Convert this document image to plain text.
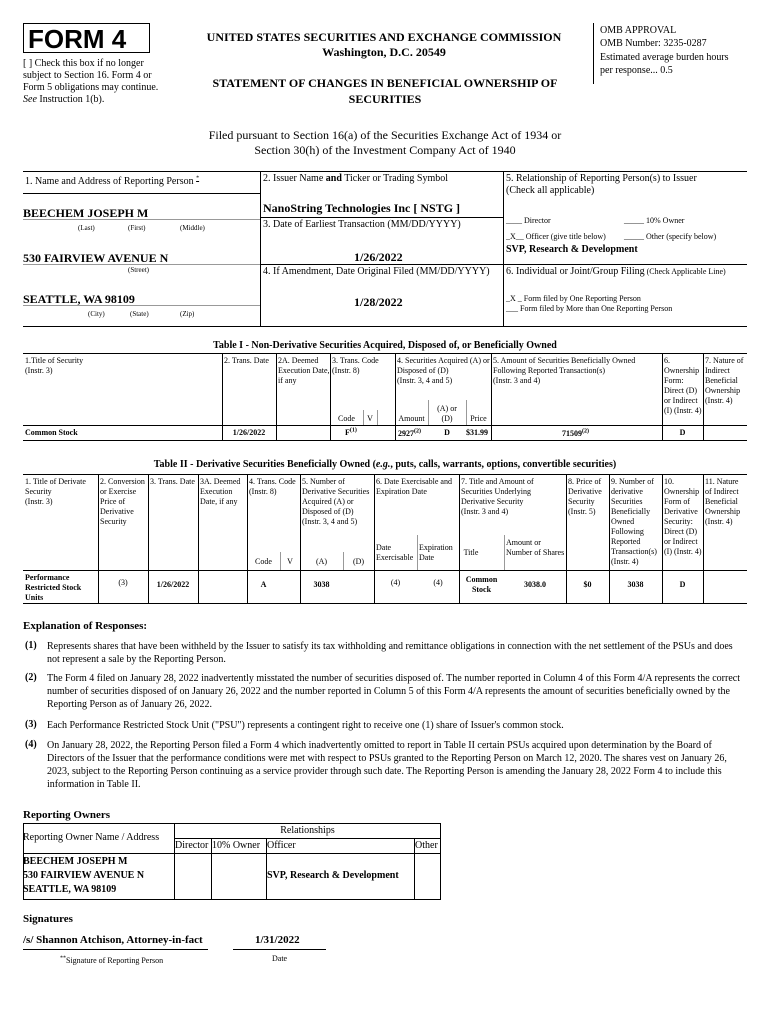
FORM 4
[ ] Check this box if no longer subject to Section 16. Form 4 or Form 5 obligations may continue. See Instruction 1(b).
UNITED STATES SECURITIES AND EXCHANGE COMMISSION
Washington, D.C. 20549
STATEMENT OF CHANGES IN BENEFICIAL OWNERSHIP OF SECURITIES
OMB APPROVAL
OMB Number: 3235-0287
Estimated average burden hours per response... 0.5
Filed pursuant to Section 16(a) of the Securities Exchange Act of 1934 or
Section 30(h) of the Investment Company Act of 1940
1. Name and Address of Reporting Person *
BEECHEM JOSEPH M
(Last)	(First)	(Middle)
530 FAIRVIEW AVENUE N
(Street)
SEATTLE, WA 98109
(City)	(State)	(Zip)
2. Issuer Name and Ticker or Trading Symbol
NanoString Technologies Inc [ NSTG ]
3. Date of Earliest Transaction (MM/DD/YYYY)
1/26/2022
4. If Amendment, Date Original Filed (MM/DD/YYYY)
1/28/2022
5. Relationship of Reporting Person(s) to Issuer
(Check all applicable)
____ Director	_____ 10% Owner
_X__ Officer (give title below) _____ Other (specify below)
SVP, Research & Development
6. Individual or Joint/Group Filing (Check Applicable Line)
_X _ Form filed by One Reporting Person
___ Form filed by More than One Reporting Person
Table I - Non-Derivative Securities Acquired, Disposed of, or Beneficially Owned
1.Title of Security
(Instr. 3)
2. Trans. Date	2A. Deemed Execution Date, if any
3. Trans. Code
(Instr. 8)
4. Securities Acquired (A) or Disposed of (D)
(Instr. 3, 4 and 5)
5. Amount of Securities Beneficially Owned Following Reported Transaction(s)
(Instr. 3 and 4)
6. Ownership Form: Direct (D) or Indirect (I) (Instr. 4)
7. Nature of Indirect Beneficial Ownership (Instr. 4)
Code	V	Amount
(A) or
(D)	Price
Common Stock	1/26/2022	$F^{(1)}$	2927$^{(2)}$	D	$31.99	71509$^{(2)}$	D
Table II - Derivative Securities Beneficially Owned (e.g., puts, calls, warrants, options, convertible securities)
1. Title of Derivate Security
(Instr. 3)
2. Conversion or Exercise Price of Derivative Security
3. Trans. Date 3A. Deemed Execution Date, if any
4. Trans. Code
(Instr. 8)
5. Number of Derivative Securities Acquired (A) or Disposed of (D)
(Instr. 3, 4 and 5)
6. Date Exercisable and Expiration Date
7. Title and Amount of Securities Underlying Derivative Security
(Instr. 3 and 4)
8. Price of Derivative Security
(Instr. 5)
9. Number of derivative Securities Beneficially Owned Following Reported Transaction(s)
(Instr. 4)
10. Ownership Form of Derivative Security: Direct (D) or Indirect (I) (Instr. 4)
11. Nature of Indirect Beneficial Ownership (Instr. 4)
Code	V	(A)	(D)
Date Exercisable
Expiration Date
Title
Amount or Number of Shares
Performance Restricted Stock Units
(3)	1/26/2022	A	3038	(4)	(4)	Common Stock
3038.0	$0	3038	D
Explanation of Responses:
(1) Represents shares that have been withheld by the Issuer to satisfy its tax withholding and remittance obligations in connection with the net settlement of the PSUs and does not represent a sale by the Reporting Person.
(2) The Form 4 filed on January 28, 2022 inadvertently misstated the number of securities disposed of. The number reported in Column 4 of this Form 4/A represents the correct number of securities disposed of on January 26, 2022 and the number reported in Column 5 of this Form 4/A represents the amount of securities beneficially owned by the Reporting Person as of January 26, 2022.
(3) Each Performance Restricted Stock Unit ("PSU") represents a contingent right to receive one (1) share of Issuer's common stock.
(4) On January 28, 2022, the Reporting Person filed a Form 4 which inadvertently omitted to report in Table II certain PSUs acquired upon determination by the Board of Directors of the Issuer that the performance conditions were met with respect to PSUs granted to the Reporting Person on March 12, 2020. The shares vest on January 26, 2023, subject to the Reporting Person continuing as a service provider through such date. The Reporting Person is amending the January 28, 2022 Form 4 to include this information in Table II.
Reporting Owners
Reporting Owner Name / Address
Relationships
Director 10% Owner Officer	Other
BEECHEM JOSEPH M
530 FAIRVIEW AVENUE N
SEATTLE, WA 98109
SVP, Research & Development
Signatures
/s/ Shannon Atchison, Attorney-in-fact	1/31/2022
**Signature of Reporting Person	Date
